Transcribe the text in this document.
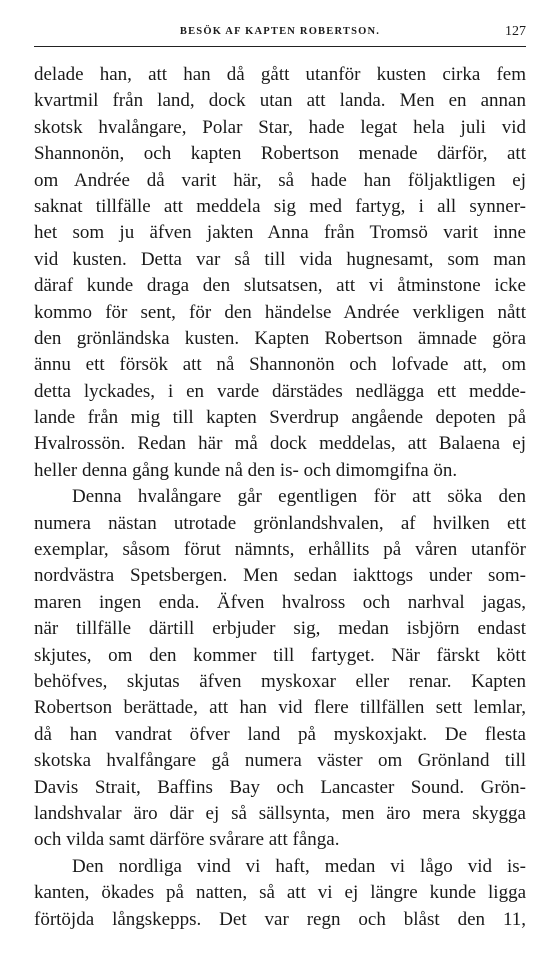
BESÖK AF KAPTEN ROBERTSON.	127
delade han, att han då gått utanför kusten cirka fem
kvartmil från land, dock utan att landa. Men en annan
skotsk hvalångare, Polar Star, hade legat hela juli vid
Shannonön, och kapten Robertson menade därför, att
om Andrée då varit här, så hade han följaktligen ej
saknat tillfälle att meddela sig med fartyg, i all synner-
het som ju äfven jakten Anna från Tromsö varit inne
vid kusten. Detta var så till vida hugnesamt, som man
däraf kunde draga den slutsatsen, att vi åtminstone icke
kommo för sent, för den händelse Andrée verkligen nått
den grönländska kusten. Kapten Robertson ämnade göra
ännu ett försök att nå Shannonön och lofvade att, om
detta lyckades, i en varde därstädes nedlägga ett medde-
lande från mig till kapten Sverdrup angående depoten på
Hvalrossön. Redan här må dock meddelas, att Balaena ej
heller denna gång kunde nå den is- och dimomgifna ön.
Denna hvalångare går egentligen för att söka den
numera nästan utrotade grönlandshvalen, af hvilken ett
exemplar, såsom förut nämnts, erhållits på våren utanför
nordvästra Spetsbergen. Men sedan iakttogs under som-
maren ingen enda. Äfven hvalross och narhval jagas,
när tillfälle därtill erbjuder sig, medan isbjörn endast
skjutes, om den kommer till fartyget. När färskt kött
behöfves, skjutas äfven myskoxar eller renar. Kapten
Robertson berättade, att han vid flere tillfällen sett lemlar,
då han vandrat öfver land på myskoxjakt. De flesta
skotska hvalfångare gå numera väster om Grönland till
Davis Strait, Baffins Bay och Lancaster Sound. Grön-
landshvalar äro där ej så sällsynta, men äro mera skygga
och vilda samt därföre svårare att fånga.
Den nordliga vind vi haft, medan vi lågo vid is-
kanten, ökades på natten, så att vi ej längre kunde ligga
förtöjda långskepps. Det var regn och blåst den 11,
